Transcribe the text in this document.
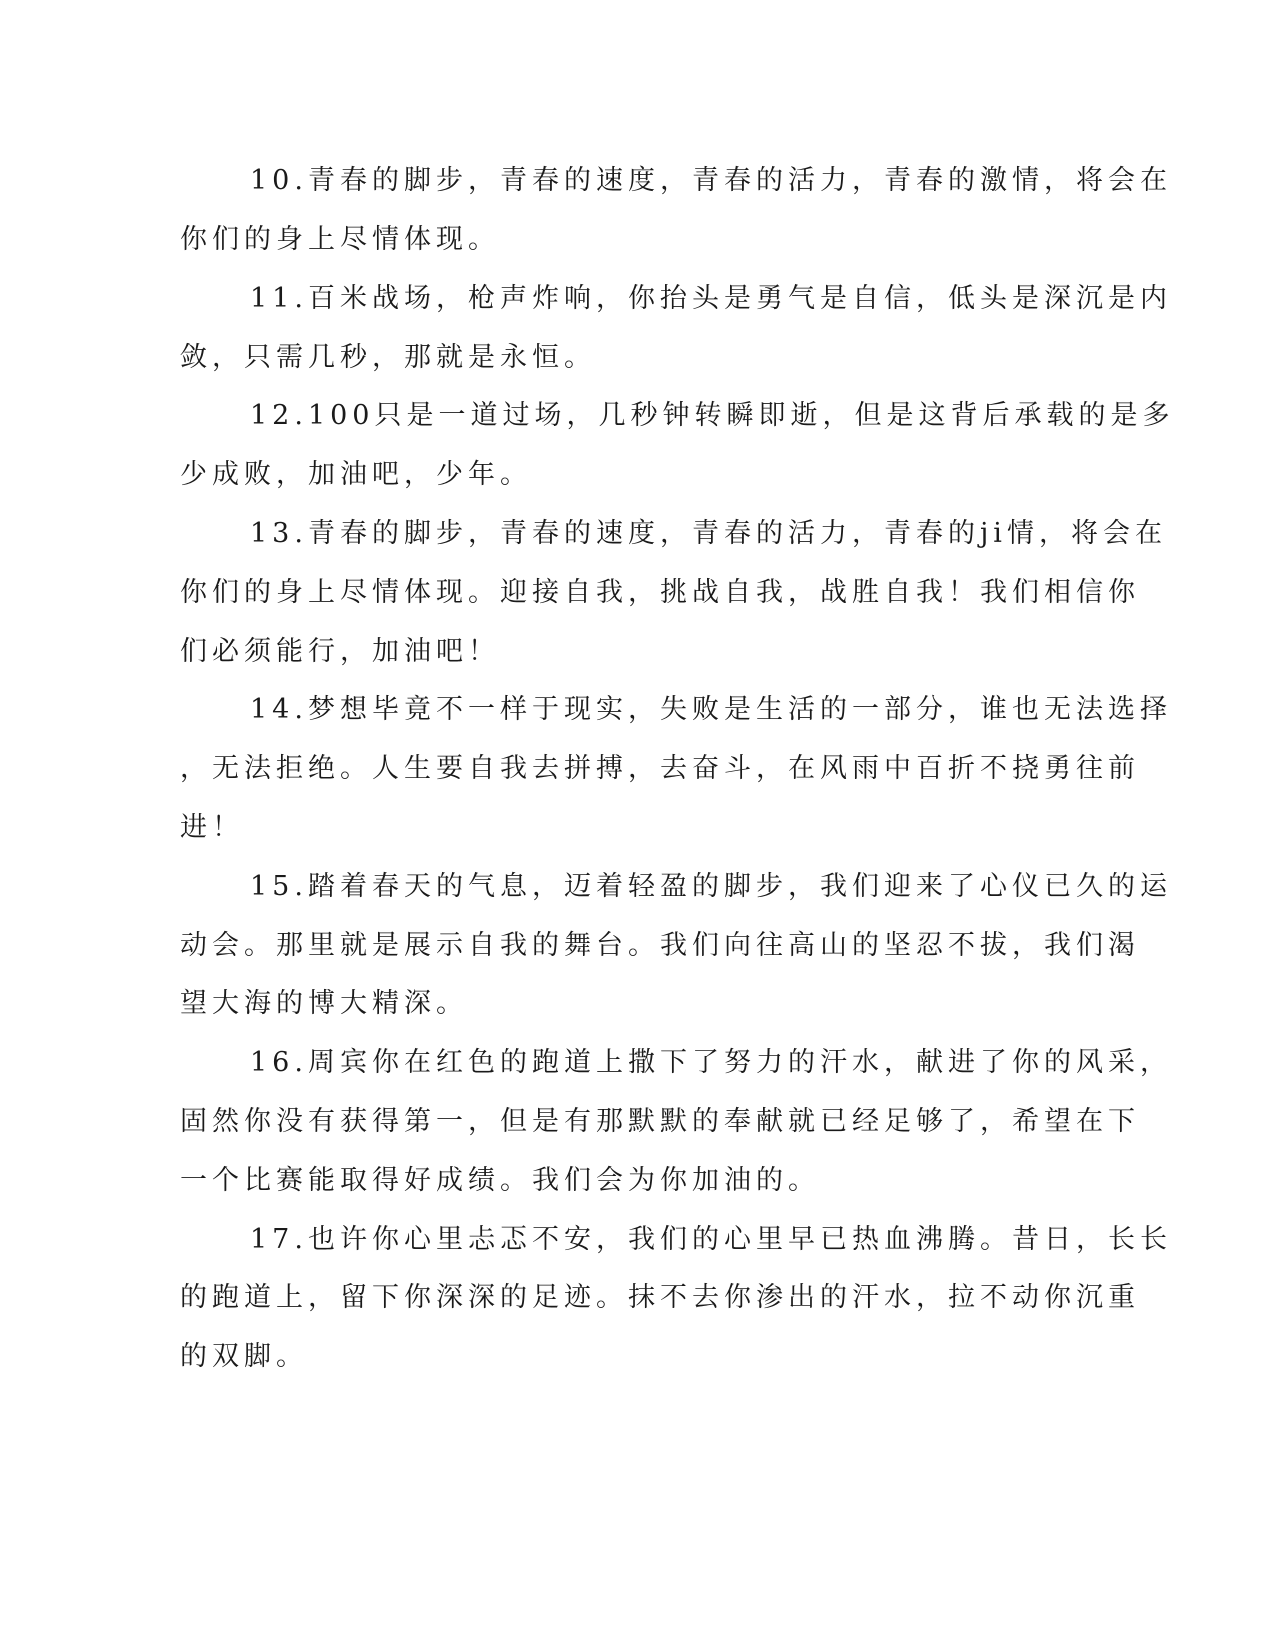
10.青春的脚步，青春的速度，青春的活力，青春的激情，将会在

你们的身上尽情体现。

11.百米战场，枪声炸响，你抬头是勇气是自信，低头是深沉是内

敛，只需几秒，那就是永恒。

12.100只是一道过场，几秒钟转瞬即逝，但是这背后承载的是多

少成败，加油吧，少年。

13.青春的脚步，青春的速度，青春的活力，青春的ji情，将会在

你们的身上尽情体现。迎接自我，挑战自我，战胜自我！我们相信你

们必须能行，加油吧！

14.梦想毕竟不一样于现实，失败是生活的一部分，谁也无法选择

，无法拒绝。人生要自我去拼搏，去奋斗，在风雨中百折不挠勇往前

进！

15.踏着春天的气息，迈着轻盈的脚步，我们迎来了心仪已久的运

动会。那里就是展示自我的舞台。我们向往高山的坚忍不拔，我们渴

望大海的博大精深。

16.周宾你在红色的跑道上撒下了努力的汗水，献进了你的风采，

固然你没有获得第一，但是有那默默的奉献就已经足够了，希望在下

一个比赛能取得好成绩。我们会为你加油的。

17.也许你心里忐忑不安，我们的心里早已热血沸腾。昔日，长长

的跑道上，留下你深深的足迹。抹不去你渗出的汗水，拉不动你沉重

的双脚。
